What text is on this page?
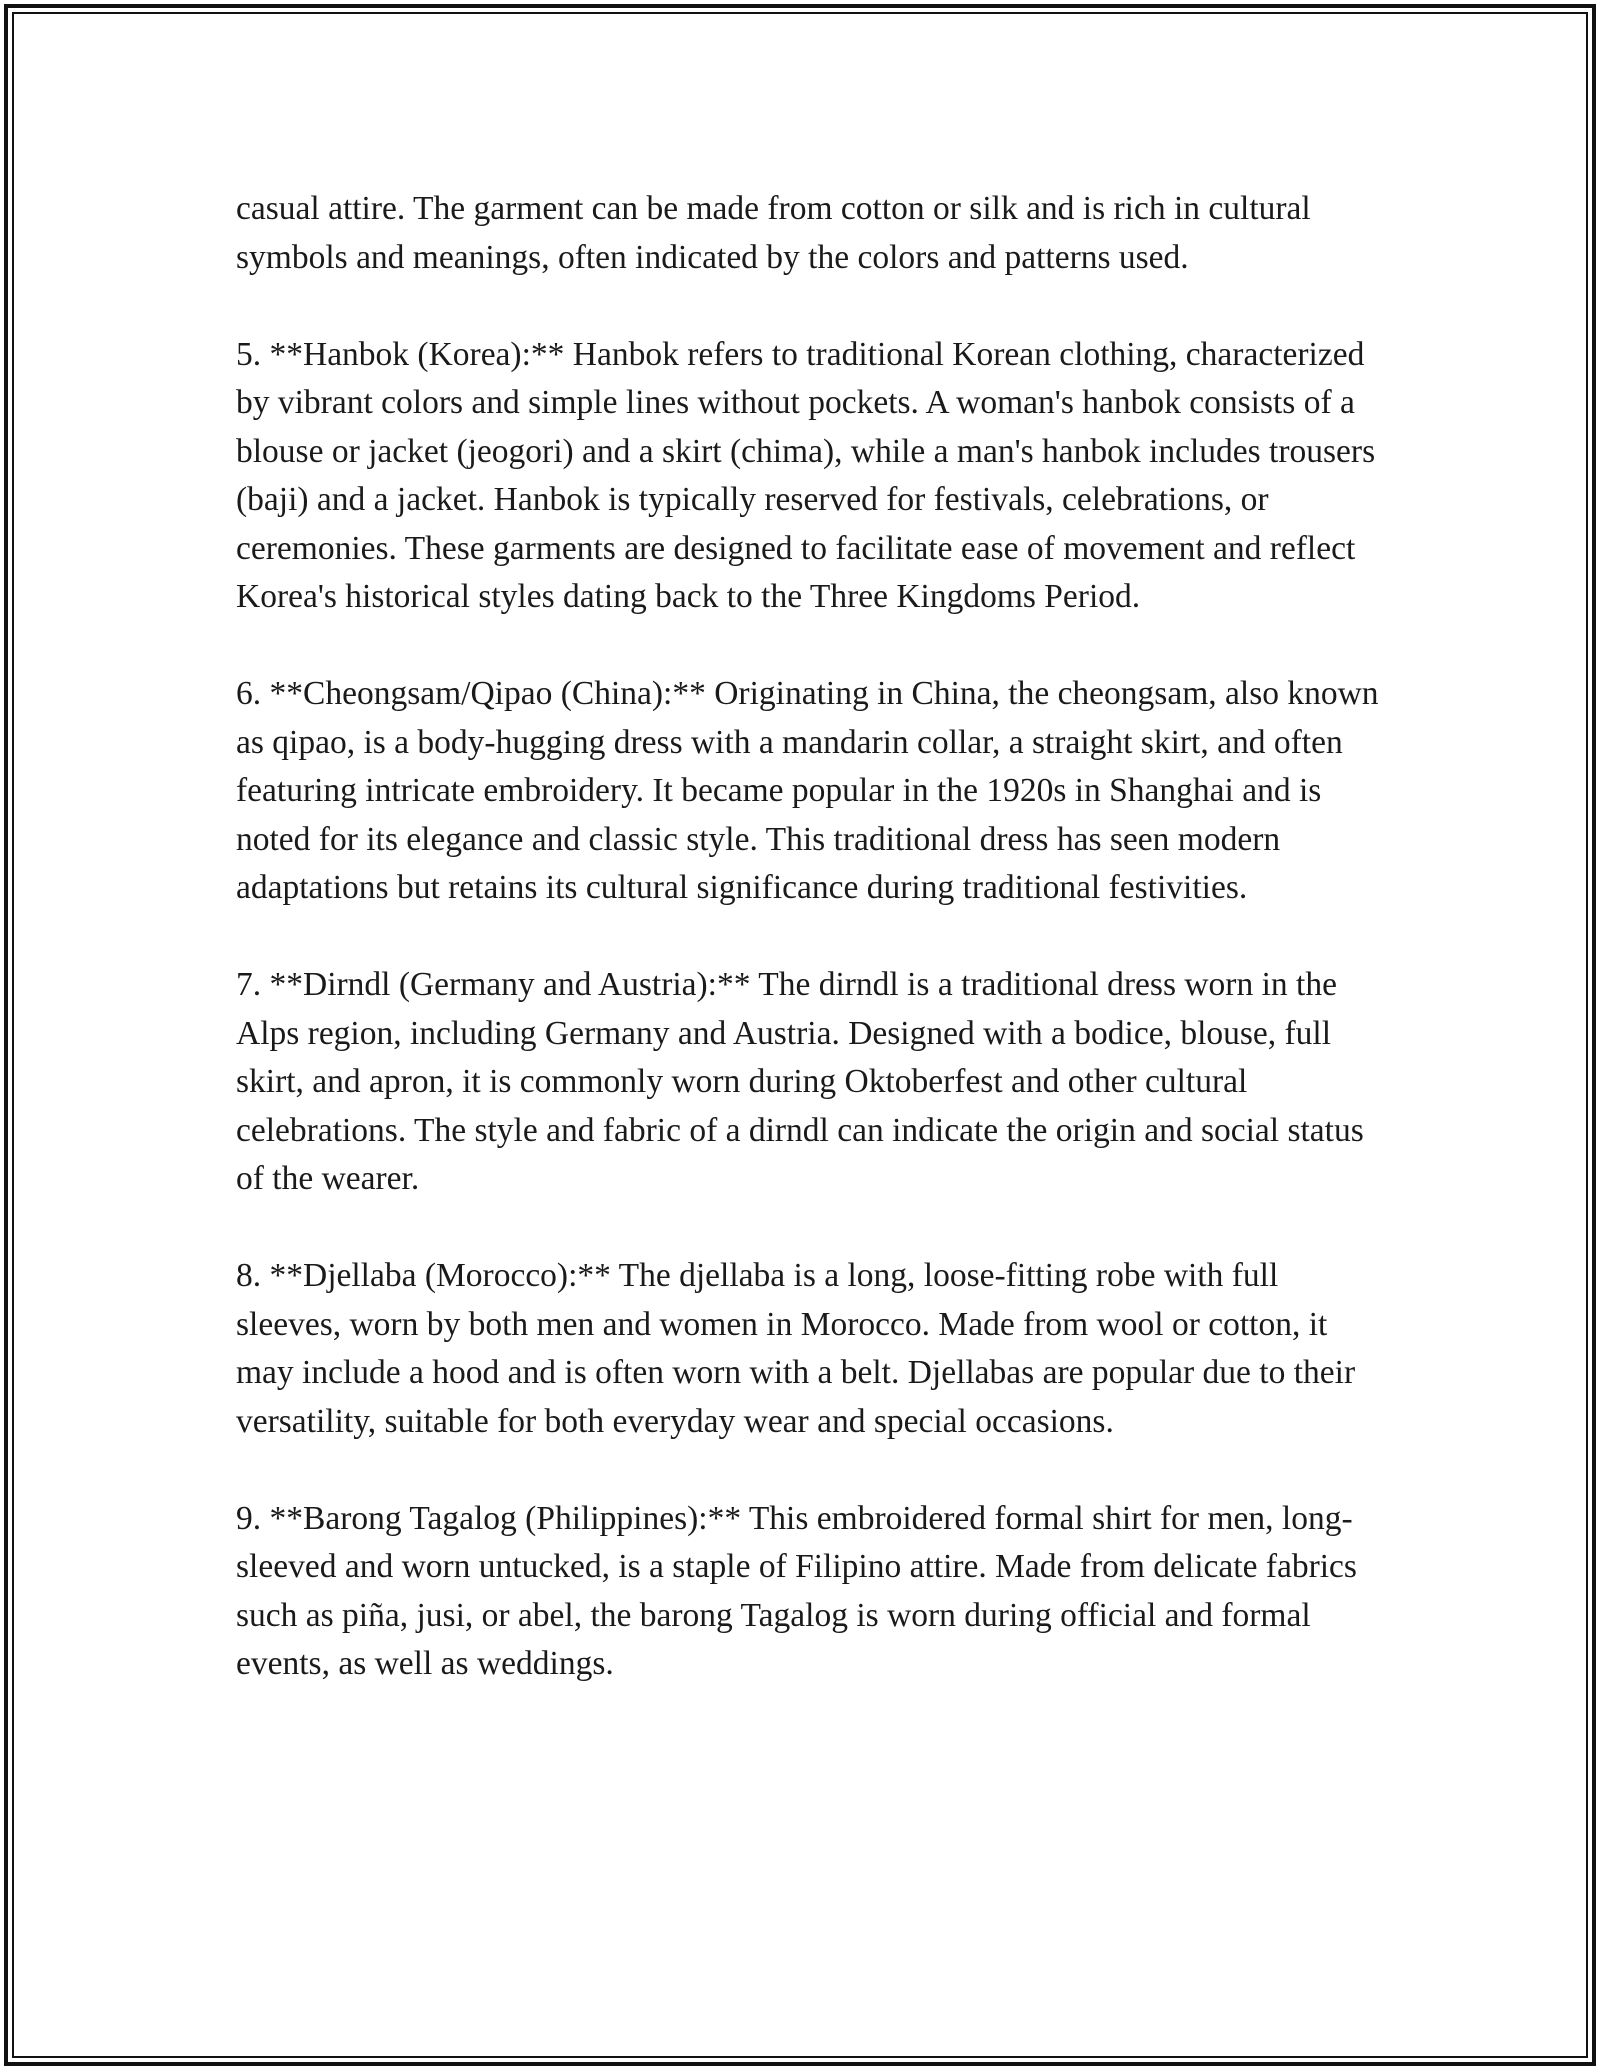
casual attire. The garment can be made from cotton or silk and is rich in cultural symbols and meanings, often indicated by the colors and patterns used.

5. **Hanbok (Korea):** Hanbok refers to traditional Korean clothing, characterized by vibrant colors and simple lines without pockets. A woman's hanbok consists of a blouse or jacket (jeogori) and a skirt (chima), while a man's hanbok includes trousers (baji) and a jacket. Hanbok is typically reserved for festivals, celebrations, or ceremonies. These garments are designed to facilitate ease of movement and reflect Korea's historical styles dating back to the Three Kingdoms Period.

6. **Cheongsam/Qipao (China):** Originating in China, the cheongsam, also known as qipao, is a body-hugging dress with a mandarin collar, a straight skirt, and often featuring intricate embroidery. It became popular in the 1920s in Shanghai and is noted for its elegance and classic style. This traditional dress has seen modern adaptations but retains its cultural significance during traditional festivities.

7. **Dirndl (Germany and Austria):** The dirndl is a traditional dress worn in the Alps region, including Germany and Austria. Designed with a bodice, blouse, full skirt, and apron, it is commonly worn during Oktoberfest and other cultural celebrations. The style and fabric of a dirndl can indicate the origin and social status of the wearer.

8. **Djellaba (Morocco):** The djellaba is a long, loose-fitting robe with full sleeves, worn by both men and women in Morocco. Made from wool or cotton, it may include a hood and is often worn with a belt. Djellabas are popular due to their versatility, suitable for both everyday wear and special occasions.

9. **Barong Tagalog (Philippines):** This embroidered formal shirt for men, long-sleeved and worn untucked, is a staple of Filipino attire. Made from delicate fabrics such as piña, jusi, or abel, the barong Tagalog is worn during official and formal events, as well as weddings.
